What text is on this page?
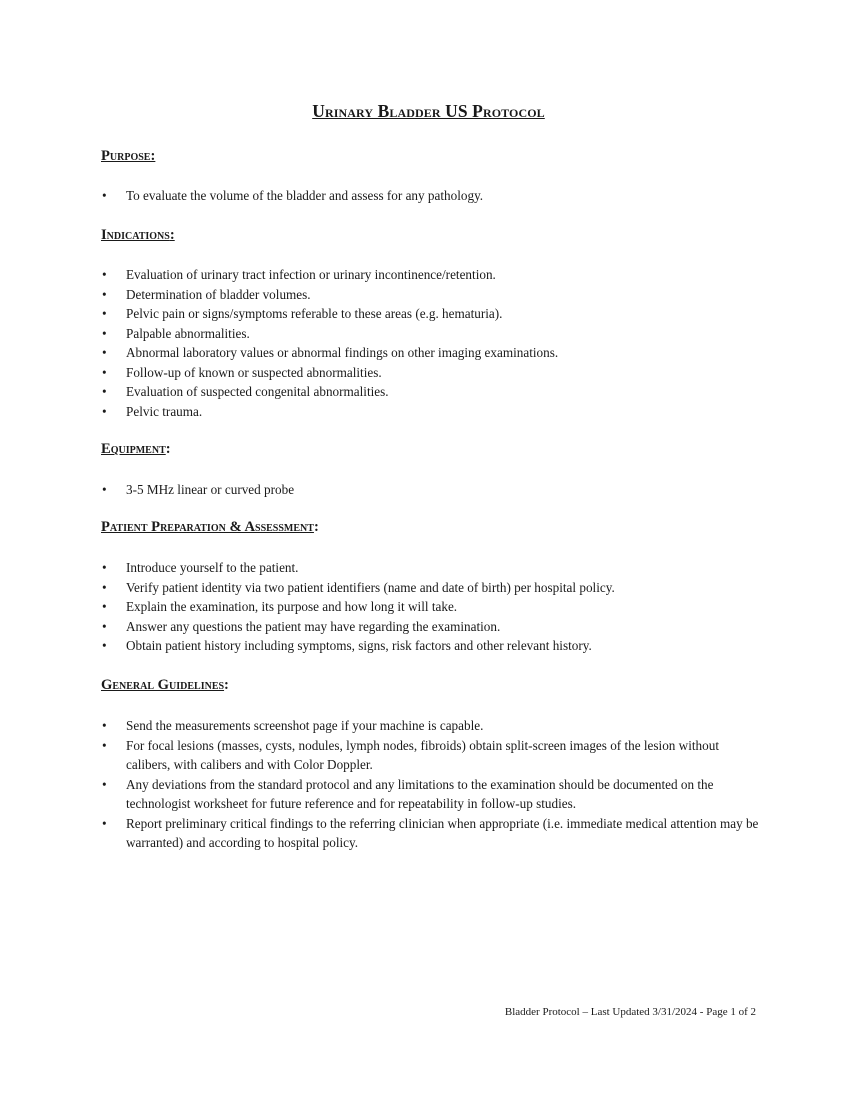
Urinary Bladder US Protocol
Purpose:
• To evaluate the volume of the bladder and assess for any pathology.
Indications:
• Evaluation of urinary tract infection or urinary incontinence/retention.
• Determination of bladder volumes.
• Pelvic pain or signs/symptoms referable to these areas (e.g. hematuria).
• Palpable abnormalities.
• Abnormal laboratory values or abnormal findings on other imaging examinations.
• Follow-up of known or suspected abnormalities.
• Evaluation of suspected congenital abnormalities.
• Pelvic trauma.
Equipment:
• 3-5 MHz linear or curved probe
Patient Preparation & Assessment:
• Introduce yourself to the patient.
• Verify patient identity via two patient identifiers (name and date of birth) per hospital policy.
• Explain the examination, its purpose and how long it will take.
• Answer any questions the patient may have regarding the examination.
• Obtain patient history including symptoms, signs, risk factors and other relevant history.
General Guidelines:
• Send the measurements screenshot page if your machine is capable.
• For focal lesions (masses, cysts, nodules, lymph nodes, fibroids) obtain split-screen images of the lesion without calibers, with calibers and with Color Doppler.
• Any deviations from the standard protocol and any limitations to the examination should be documented on the technologist worksheet for future reference and for repeatability in follow-up studies.
• Report preliminary critical findings to the referring clinician when appropriate (i.e. immediate medical attention may be warranted) and according to hospital policy.
Bladder Protocol – Last Updated 3/31/2024 - Page 1 of 2
